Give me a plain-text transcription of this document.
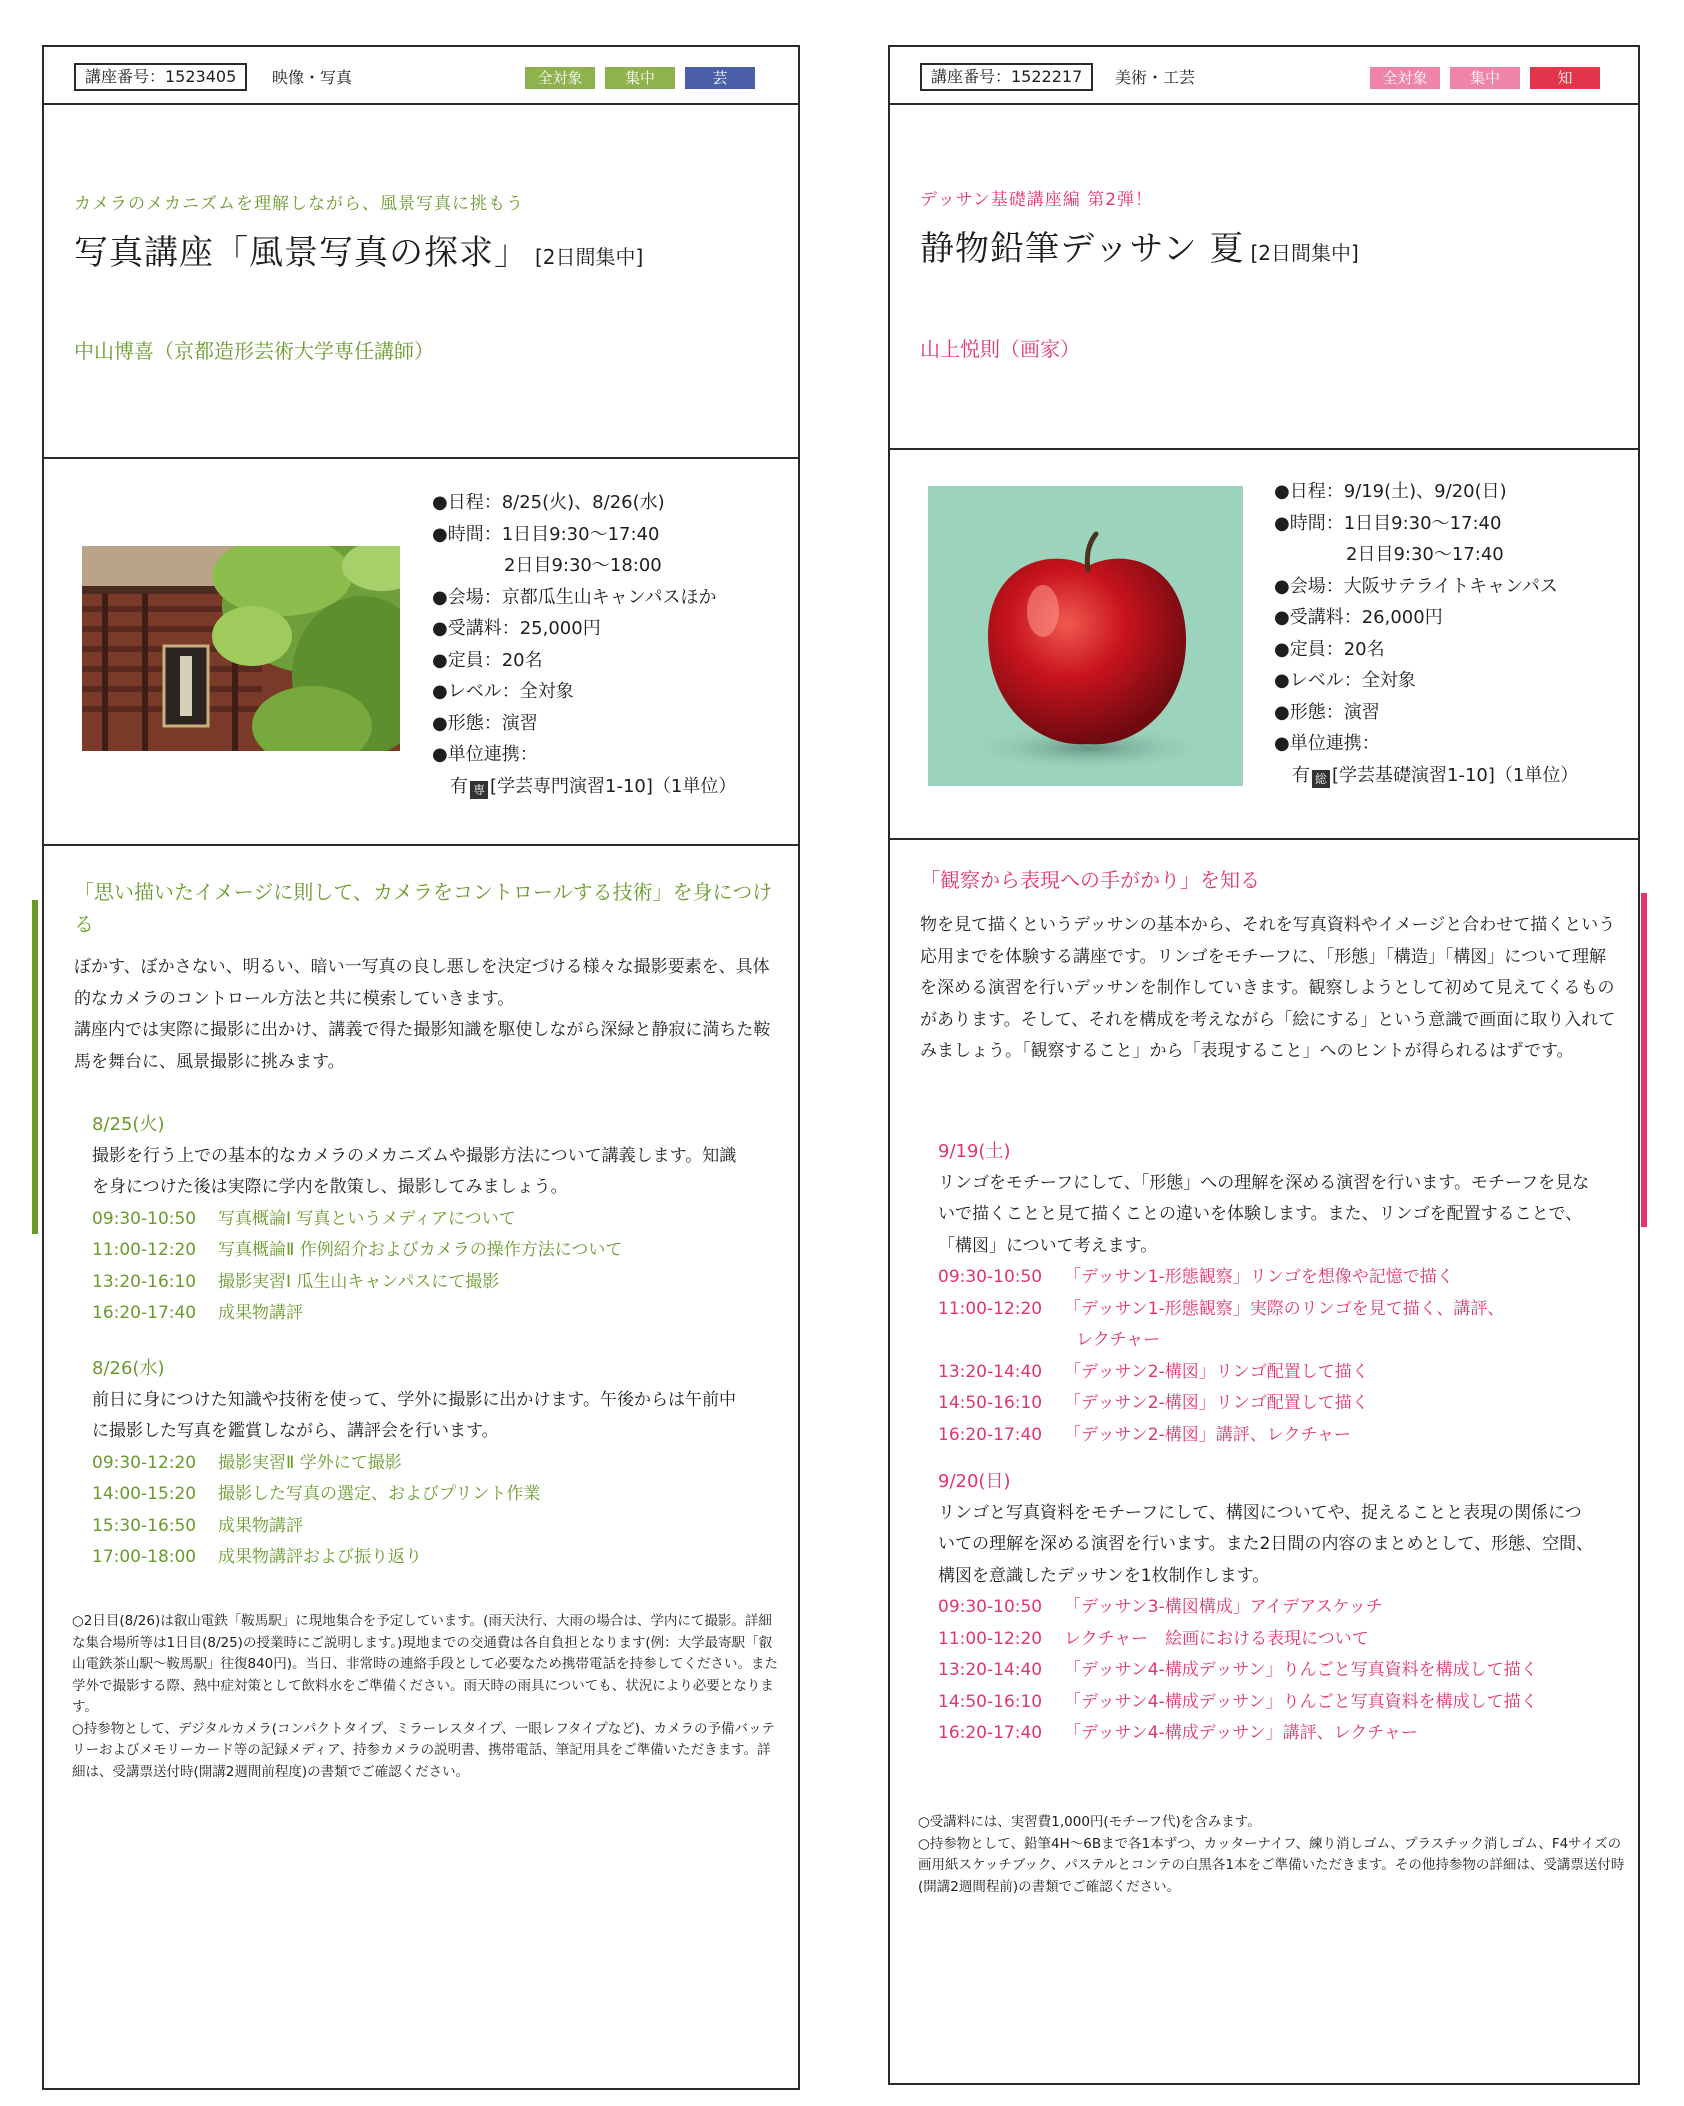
講座番号：1523405	映像・写真	全対象	集中	芸
カメラのメカニズムを理解しながら、風景写真に挑もう
写真講座「風景写真の探求」 [2日間集中]
中山博喜（京都造形芸術大学専任講師）
●日程：8/25(火)、8/26(水)
●時間：1日目9:30～17:40
2日目9:30～18:00
●会場：京都瓜生山キャンパスほか
●受講料：25,000円
●定員：20名
●レベル：全対象
●形態：演習
●単位連携：
有 専 [学芸専門演習1-10]（1単位）
「思い描いたイメージに則して、カメラをコントロールする技術」を身につける
ぼかす、ぼかさない、明るい、暗い一写真の良し悪しを決定づける様々な撮影要素を、具体的なカメラのコントロール方法と共に模索していきます。
講座内では実際に撮影に出かけ、講義で得た撮影知識を駆使しながら深緑と静寂に満ちた鞍馬を舞台に、風景撮影に挑みます。
8/25(火)
撮影を行う上での基本的なカメラのメカニズムや撮影方法について講義します。知識を身につけた後は実際に学内を散策し、撮影してみましょう。
09:30-10:50 写真概論Ⅰ 写真というメディアについて
11:00-12:20 写真概論Ⅱ 作例紹介およびカメラの操作方法について
13:20-16:10 撮影実習Ⅰ 瓜生山キャンパスにて撮影
16:20-17:40 成果物講評
8/26(水)
前日に身につけた知識や技術を使って、学外に撮影に出かけます。午後からは午前中に撮影した写真を鑑賞しながら、講評会を行います。
09:30-12:20 撮影実習Ⅱ 学外にて撮影
14:00-15:20 撮影した写真の選定、およびプリント作業
15:30-16:50 成果物講評
17:00-18:00 成果物講評および振り返り
○2日目(8/26)は叡山電鉄「鞍馬駅」に現地集合を予定しています。(雨天決行、大雨の場合は、学内にて撮影。詳細な集合場所等は1日目(8/25)の授業時にご説明します。)現地までの交通費は各自負担となります(例：大学最寄駅「叡山電鉄茶山駅～鞍馬駅」往復840円)。当日、非常時の連絡手段として必要なため携帯電話を持参してください。また学外で撮影する際、熱中症対策として飲料水をご準備ください。雨天時の雨具についても、状況により必要となります。
○持参物として、デジタルカメラ(コンパクトタイプ、ミラーレスタイプ、一眼レフタイプなど)、カメラの予備バッテリーおよびメモリーカード等の記録メディア、持参カメラの説明書、携帯電話、筆記用具をご準備いただきます。詳細は、受講票送付時(開講2週間前程度)の書類でご確認ください。
講座番号：1522217	美術・工芸	全対象	集中	知
デッサン基礎講座編 第2弾！
静物鉛筆デッサン 夏 [2日間集中]
山上悦則（画家）
●日程：9/19(土)、9/20(日)
●時間：1日目9:30～17:40
2日目9:30～17:40
●会場：大阪サテライトキャンパス
●受講料：26,000円
●定員：20名
●レベル：全対象
●形態：演習
●単位連携：
有 総 [学芸基礎演習1-10]（1単位）
「観察から表現への手がかり」を知る
物を見て描くというデッサンの基本から、それを写真資料やイメージと合わせて描くという応用までを体験する講座です。リンゴをモチーフに、「形態」「構造」「構図」について理解を深める演習を行いデッサンを制作していきます。観察しようとして初めて見えてくるものがあります。そして、それを構成を考えながら「絵にする」という意識で画面に取り入れてみましょう。「観察すること」から「表現すること」へのヒントが得られるはずです。
9/19(土)
リンゴをモチーフにして、「形態」への理解を深める演習を行います。モチーフを見ないで描くことと見て描くことの違いを体験します。また、リンゴを配置することで、「構図」について考えます。
09:30-10:50 「デッサン1-形態観察」リンゴを想像や記憶で描く
11:00-12:20 「デッサン1-形態観察」実際のリンゴを見て描く、講評、
レクチャー
13:20-14:40 「デッサン2-構図」リンゴ配置して描く
14:50-16:10 「デッサン2-構図」リンゴ配置して描く
16:20-17:40 「デッサン2-構図」講評、レクチャー
9/20(日)
リンゴと写真資料をモチーフにして、構図についてや、捉えることと表現の関係についての理解を深める演習を行います。また2日間の内容のまとめとして、形態、空間、構図を意識したデッサンを1枚制作します。
09:30-10:50 「デッサン3-構図構成」アイデアスケッチ
11:00-12:20 レクチャー　絵画における表現について
13:20-14:40 「デッサン4-構成デッサン」りんごと写真資料を構成して描く
14:50-16:10 「デッサン4-構成デッサン」りんごと写真資料を構成して描く
16:20-17:40 「デッサン4-構成デッサン」講評、レクチャー
○受講料には、実習費1,000円(モチーフ代)を含みます。
○持参物として、鉛筆4H～6Bまで各1本ずつ、カッターナイフ、練り消しゴム、プラスチック消しゴム、F4サイズの画用紙スケッチブック、パステルとコンテの白黒各1本をご準備いただきます。その他持参物の詳細は、受講票送付時(開講2週間程前)の書類でご確認ください。
